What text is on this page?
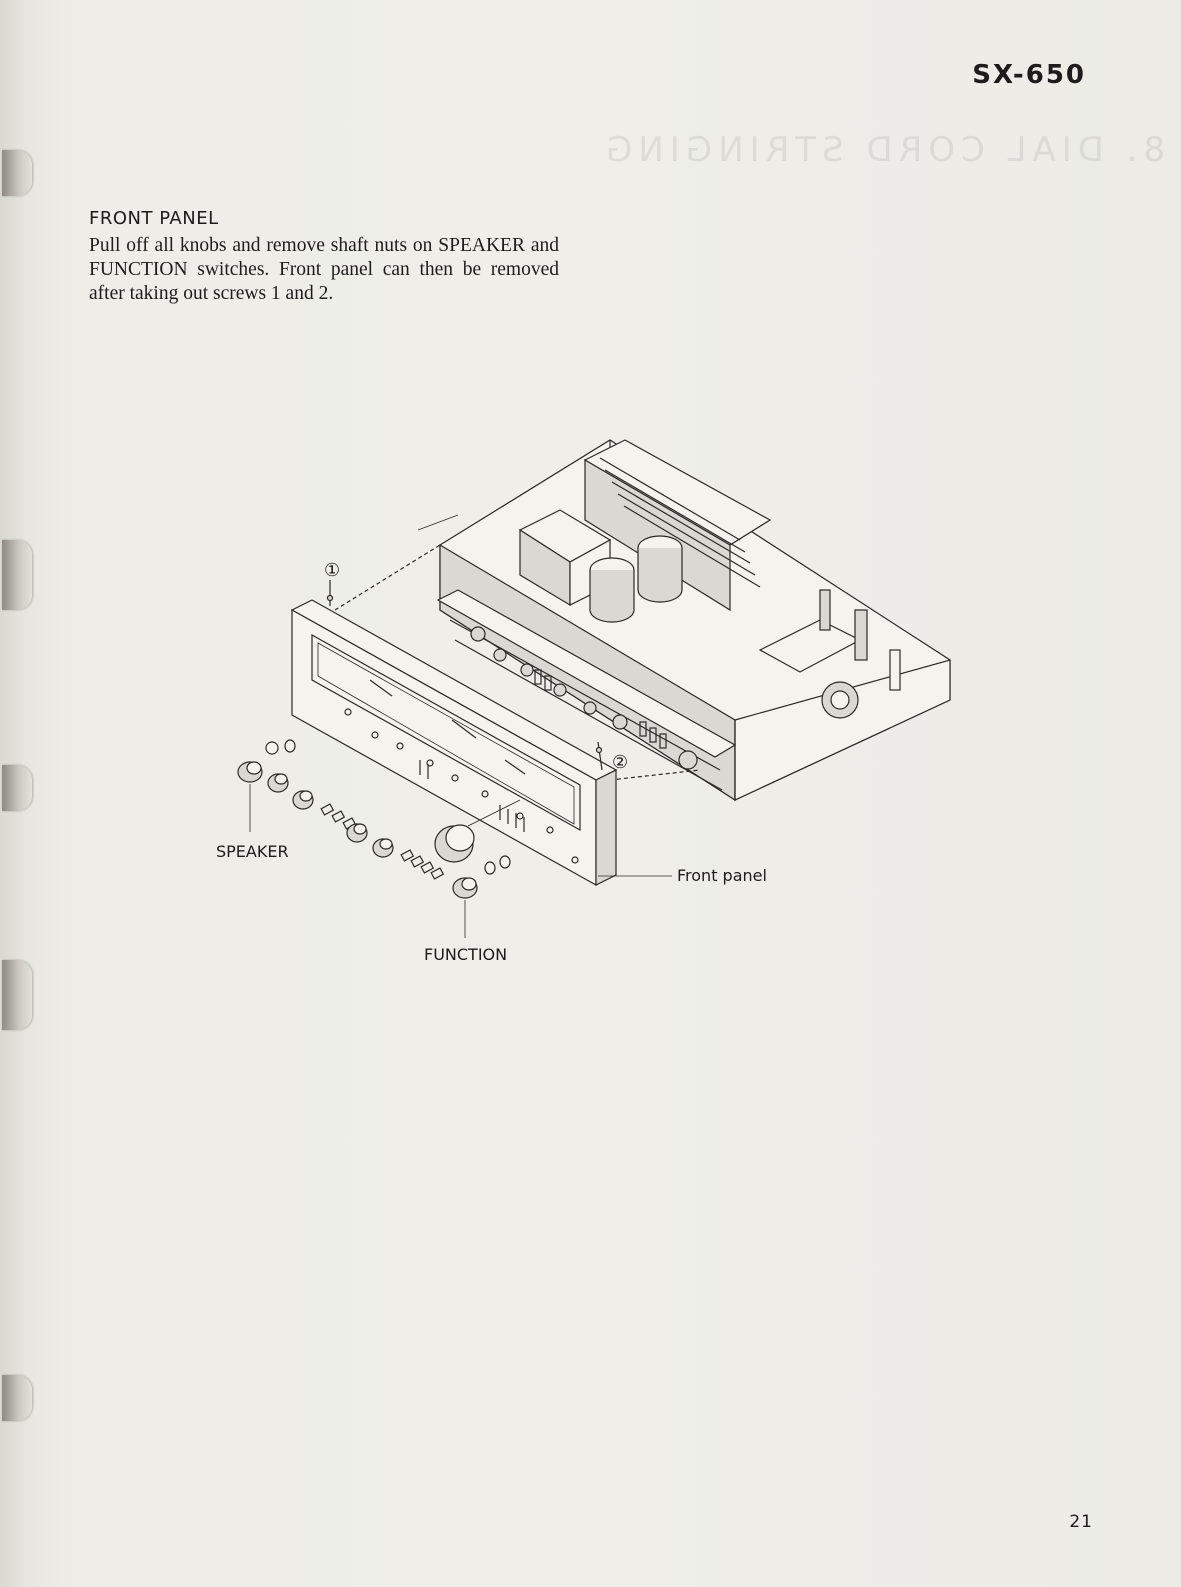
8. DIAL CORD STRINGING
SX-650
FRONT PANEL
Pull off all knobs and remove shaft nuts on SPEAKER and FUNCTION switches. Front panel can then be removed after taking out screws 1 and 2.
①
②
SPEAKER
FUNCTION
Front panel
21
